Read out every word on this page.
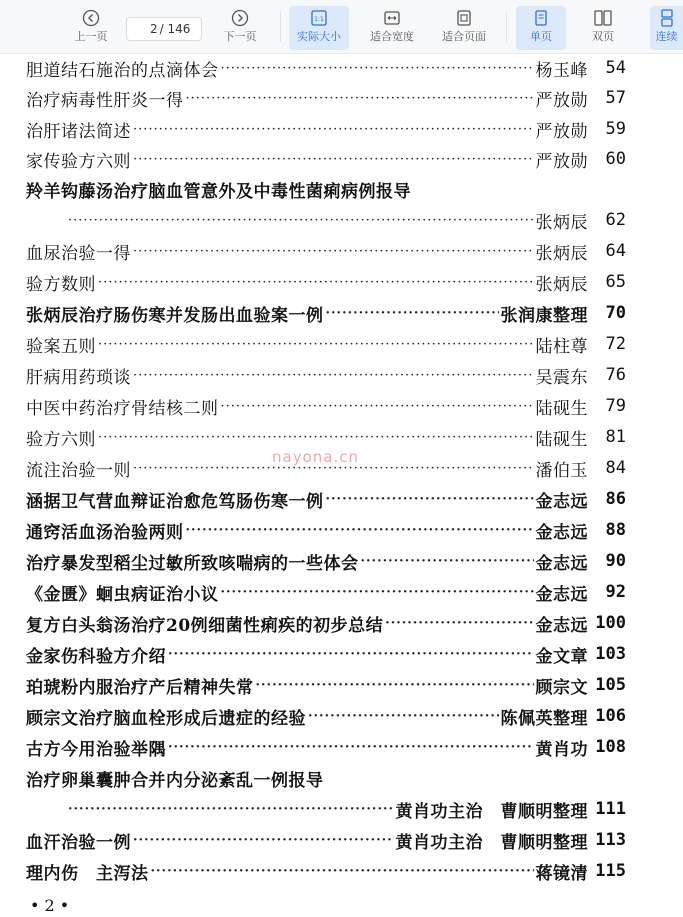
上一页
2
/ 146
下一页
1:1
实际大小	适合宽度	适合页面	单页	双页	连续
胆道结石施治的点滴体会 ·····	杨玉峰	54
治疗病毒性肝炎一得 ·····	严放勋	57
治肝诸法简述 ·····	严放勋	59
家传验方六则 ·····	严放勋	60
羚羊钩藤汤治疗脑血管意外及中毒性菌痢病例报导
·····
张炳辰	62
血尿治验一得 ·····	张炳辰	64
验方数则 ·····	张炳辰	65
张炳辰治疗肠伤寒并发肠出血验案一例 ·····	张润康整理	70
验案五则 ·····	陆柱尊	72
肝病用药琐谈 ·····	吴震东	76
中医中药治疗骨结核二则 ·····	陆砚生	79
验方六则 ·····	陆砚生	81
流注治验一则 ·····	潘伯玉	84
涵据卫气营血辩证治愈危笃肠伤寒一例 ·····	金志远	86
通窍活血汤治验两则 ·····	金志远	88
治疗暴发型稻尘过敏所致咳喘病的一些体会 ·····	金志远	90
《金匮》蛔虫病证治小议 ·····	金志远	92
复方白头翁汤治疗20例细菌性痢疾的初步总结 ·····	金志远 100
金家伤科验方介绍 ·····	金文章 103
珀琥粉内服治疗产后精神失常 ·····	顾宗文 105
顾宗文治疗脑血栓形成后遗症的经验 ·····	陈佩英整理 106
古方今用治验举隅 ·····	黄肖功 108
治疗卵巢囊肿合并内分泌紊乱一例报导
·····
黄肖功主治　曹顺明整理 111
血汗治验一例 ·····	黄肖功主治　曹顺明整理 113
理内伤　主泻法 ·····	蒋镜清 115
nayona.cn
• 2 •
